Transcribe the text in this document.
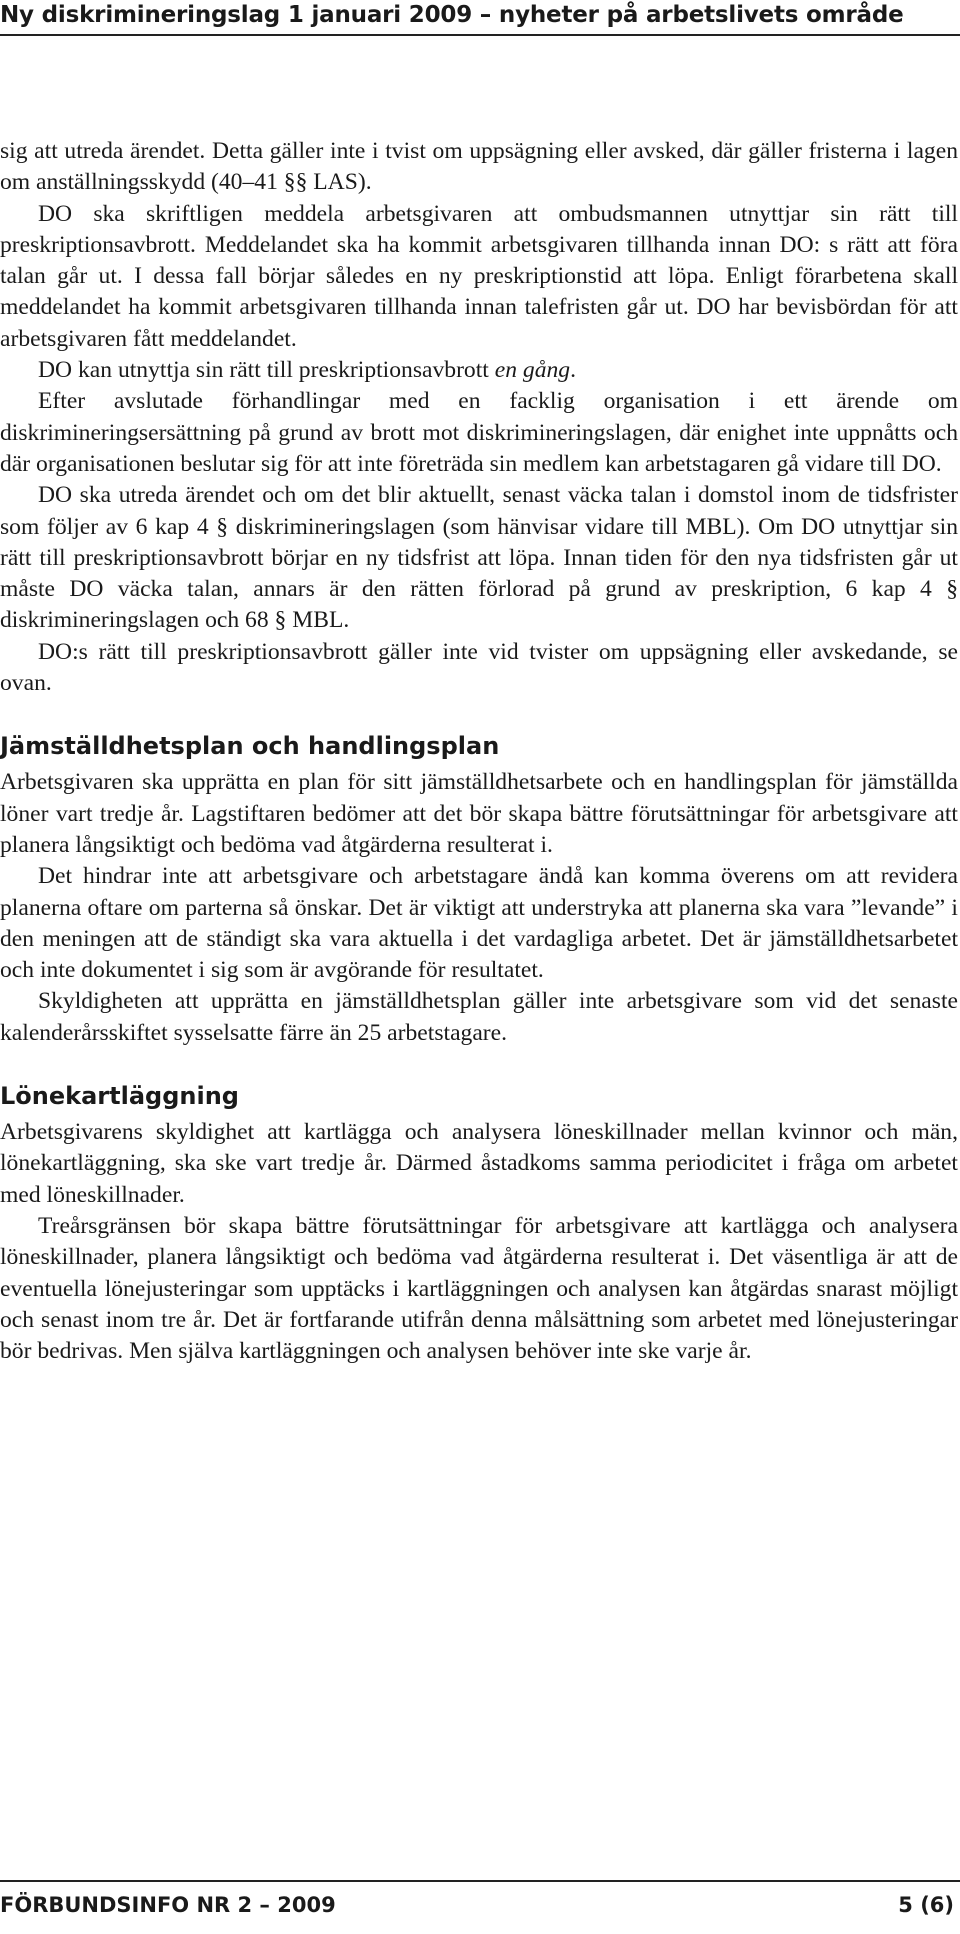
Ny diskrimineringslag 1 januari 2009 – nyheter på arbetslivets område

sig att utreda ärendet. Detta gäller inte i tvist om uppsägning eller avsked, där gäller fristerna i lagen om anställningsskydd (40–41 §§ LAS).

DO ska skriftligen meddela arbetsgivaren att ombudsmannen utnyttjar sin rätt till preskriptionsavbrott. Meddelandet ska ha kommit arbetsgivaren tillhanda innan DO: s rätt att föra talan går ut. I dessa fall börjar således en ny preskriptionstid att löpa. Enligt förarbetena skall meddelandet ha kommit arbetsgivaren tillhanda innan talefristen går ut. DO har bevisbördan för att arbetsgivaren fått meddelandet.

DO kan utnyttja sin rätt till preskriptionsavbrott en gång.

Efter avslutade förhandlingar med en facklig organisation i ett ärende om diskrimineringsersättning på grund av brott mot diskrimineringslagen, där enighet inte uppnåtts och där organisationen beslutar sig för att inte företräda sin medlem kan arbetstagaren gå vidare till DO.

DO ska utreda ärendet och om det blir aktuellt, senast väcka talan i domstol inom de tidsfrister som följer av 6 kap 4 § diskrimineringslagen (som hänvisar vidare till MBL). Om DO utnyttjar sin rätt till preskriptionsavbrott börjar en ny tidsfrist att löpa. Innan tiden för den nya tidsfristen går ut måste DO väcka talan, annars är den rätten förlorad på grund av preskription, 6 kap 4 § diskrimineringslagen och 68 § MBL.

DO:s rätt till preskriptionsavbrott gäller inte vid tvister om uppsägning eller avskedande, se ovan.

Jämställdhetsplan och handlingsplan

Arbetsgivaren ska upprätta en plan för sitt jämställdhetsarbete och en handlingsplan för jämställda löner vart tredje år. Lagstiftaren bedömer att det bör skapa bättre förutsättningar för arbetsgivare att planera långsiktigt och bedöma vad åtgärderna resulterat i.

Det hindrar inte att arbetsgivare och arbetstagare ändå kan komma överens om att revidera planerna oftare om parterna så önskar. Det är viktigt att understryka att planerna ska vara ”levande” i den meningen att de ständigt ska vara aktuella i det vardagliga arbetet. Det är jämställdhetsarbetet och inte dokumentet i sig som är avgörande för resultatet.

Skyldigheten att upprätta en jämställdhetsplan gäller inte arbetsgivare som vid det senaste kalenderårsskiftet sysselsatte färre än 25 arbetstagare.

Lönekartläggning

Arbetsgivarens skyldighet att kartlägga och analysera löneskillnader mellan kvinnor och män, lönekartläggning, ska ske vart tredje år. Därmed åstadkoms samma periodicitet i fråga om arbetet med löneskillnader.

Treårsgränsen bör skapa bättre förutsättningar för arbetsgivare att kartlägga och analysera löneskillnader, planera långsiktigt och bedöma vad åtgärderna resulterat i. Det väsentliga är att de eventuella lönejusteringar som upptäcks i kartläggningen och analysen kan åtgärdas snarast möjligt och senast inom tre år. Det är fortfarande utifrån denna målsättning som arbetet med lönejusteringar bör bedrivas. Men själva kartläggningen och analysen behöver inte ske varje år.

FÖRBUNDSINFO NR 2 – 2009	5 (6)
